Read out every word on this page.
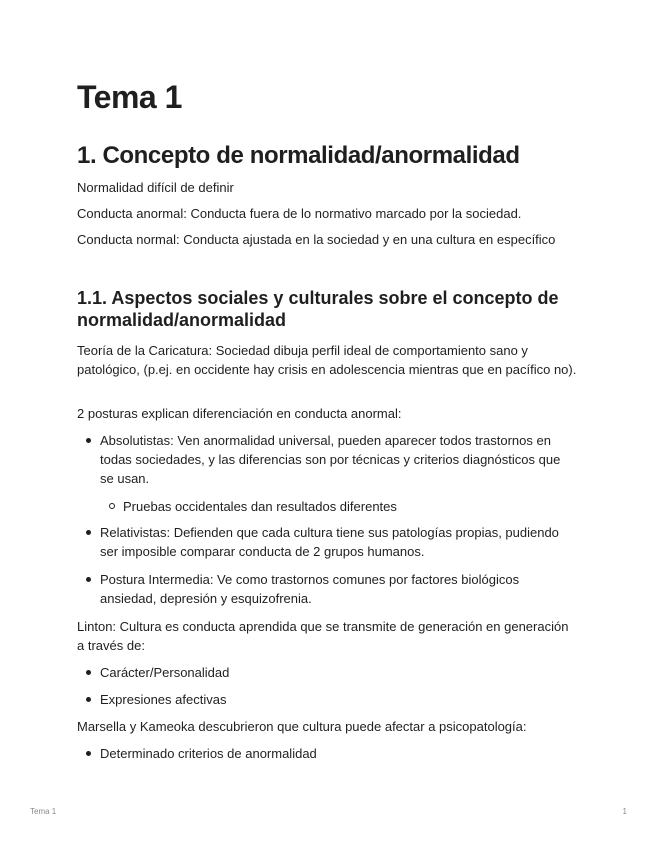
Tema 1
1. Concepto de normalidad/anormalidad

Normalidad difícil de definir

Conducta anormal: Conducta fuera de lo normativo marcado por la sociedad.

Conducta normal: Conducta ajustada en la sociedad y en una cultura en específico

1.1. Aspectos sociales y culturales sobre el concepto de normalidad/anormalidad

Teoría de la Caricatura: Sociedad dibuja perfil ideal de comportamiento sano y patológico, (p.ej. en occidente hay crisis en adolescencia mientras que en pacífico no).

2 posturas explican diferenciación en conducta anormal:

Absolutistas: Ven anormalidad universal, pueden aparecer todos trastornos en todas sociedades, y las diferencias son por técnicas y criterios diagnósticos que se usan.

Pruebas occidentales dan resultados diferentes

Relativistas: Defienden que cada cultura tiene sus patologías propias, pudiendo ser imposible comparar conducta de 2 grupos humanos.

Postura Intermedia: Ve como trastornos comunes por factores biológicos ansiedad, depresión y esquizofrenia.

Linton: Cultura es conducta aprendida que se transmite de generación en generación a través de:

Carácter/Personalidad

Expresiones afectivas

Marsella y Kameoka descubrieron que cultura puede afectar a psicopatología:

Determinado criterios de anormalidad

Tema 1	1
